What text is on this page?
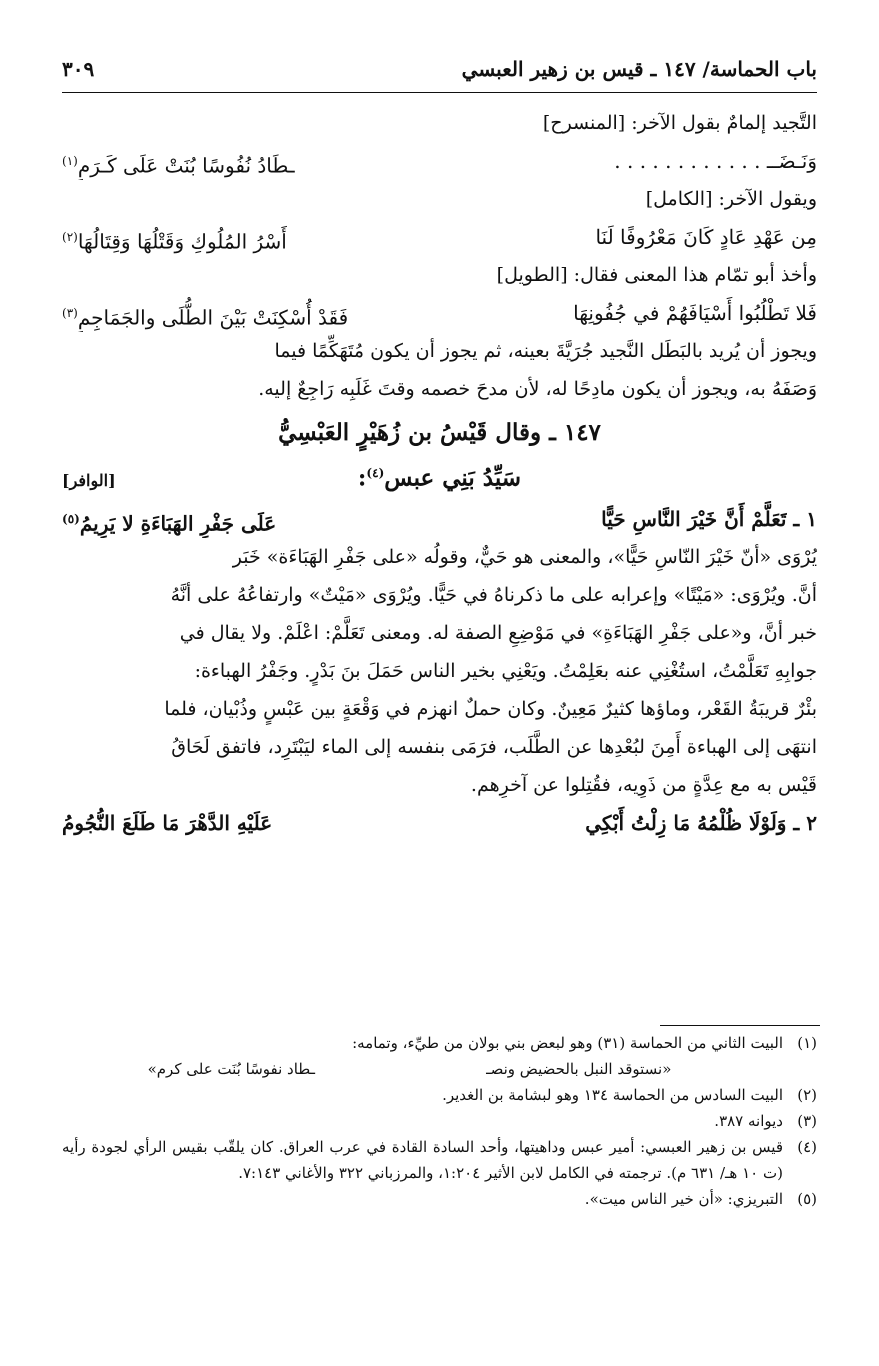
باب الحماسة/ ١٤٧ ـ قيس بن زهير العبسي
٣٠٩
التَّجيد إلمامٌ بقول الآخر: [المنسرح]
وَنَـضَــ . . . . . . . . . . . .
ـطَادُ نُفُوسًا بُنَتْ عَلَى كَـرَمِ$^{(١)}$
ويقول الآخر: [الكامل]
مِن عَهْدِ عَادٍ كَانَ مَعْرُوفًا لَنَا
أَسْرُ المُلُوكِ وَقَتْلُهَا وَقِتَالُهَا$^{(٢)}$
وأخذ أبو تمّام هذا المعنى فقال: [الطويل]
فَلا تَطْلُبُوا أَسْيَافَهُمْ في جُفُونِهَا
فَقَدْ أُسْكِنَتْ بَيْنَ الطُّلَى والجَمَاجِمِ$^{(٣)}$
ويجوز أن يُريد بالبَطَل النَّجيد جُرَيَّةَ بعينه، ثم يجوز أن يكون مُتَهَكِّمًا فيما
وَصَفَهُ به، ويجوز أن يكون مادِحًا له، لأن مدحَ خصمه وقتَ غَلَبِه رَاجِعٌ إليه.
١٤٧ ـ وقال قَيْسُ بن زُهَيْرٍ العَبْسِيُّ
سَيِّدُ بَنِي عبس$^{(٤)}$:
[الوافر]
١ ـ تَعَلَّمْ أَنَّ خَيْرَ النَّاسِ حَيًّا
عَلَى جَفْرِ الهَبَاءَةِ لا يَرِيمُ$^{(٥)}$
يُرْوَى «أنّ خَيْرَ النّاسِ حَيًّا»، والمعنى هو حَيٌّ، وقولُه «على جَفْرِ الهَبَاءَة» خَبَر
أنَّ. ويُرْوَى: «مَيْتًا» وإعرابه على ما ذكرناهُ في حَيًّا. ويُرْوَى «مَيْتٌ» وارتفاعُهُ على أنَّهُ
خبر أنَّ، و«على جَفْرِ الهَبَاءَةِ» في مَوْضِعِ الصفة له. ومعنى تَعَلَّمْ: اعْلَمْ. ولا يقال في
جوابِهِ تَعَلَّمْتُ، استُغْنِي عنه بعَلِمْتُ. ويَعْنِي بخير الناس حَمَلَ بنَ بَدْرٍ. وجَفْرُ الهباءة:
بئْرٌ قريبَةُ القَعْر، وماؤها كثيرٌ مَعِينٌ. وكان حملٌ انهزم في وَقْعَةٍ بين عَبْسٍ وذُبْيان، فلما
انتهَى إلى الهباءة أَمِنَ لبُعْدِها عن الطَّلَب، فرَمَى بنفسه إلى الماء ليَبْتَرِد، فاتفق لَحَاقُ
قَيْس به مع عِدَّةٍ من ذَوِيه، فقُتِلوا عن آخرِهم.
٢ ـ وَلَوْلَا ظُلْمُهُ مَا زِلْتُ أَبْكِي
عَلَيْهِ الدَّهْرَ مَا طَلَعَ النُّجُومُ
(١)
البيت الثاني من الحماسة (٣١) وهو لبعض بني بولان من طيِّء، وتمامه:
«نستوقد النبل بالحضيض ونصـ
ـطاد نفوسًا بُنَت على كرم»
(٢)
البيت السادس من الحماسة ١٣٤ وهو لبشامة بن الغدير.
(٣)
ديوانه ٣٨٧.
(٤)
قيس بن زهير العبسي: أمير عبس وداهيتها، وأحد السادة القادة في عرب العراق. كان يلقّب بقيس الرأي لجودة رأيه (ت ١٠ هـ/ ٦٣١ م). ترجمته في الكامل لابن الأثير ١:٢٠٤، والمرزباني ٣٢٢ والأغاني ٧:١٤٣.
(٥)
التبريزي: «أن خير الناس ميت».
